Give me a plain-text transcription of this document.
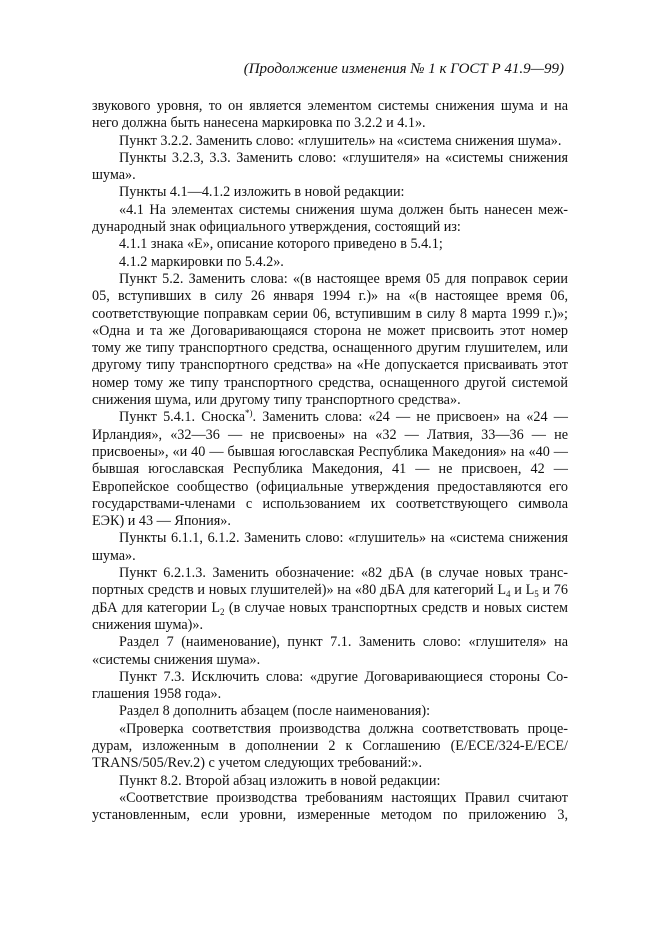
(Продолжение изменения № 1 к ГОСТ Р 41.9—99)

звукового уровня, то он является элементом системы снижения шума и на него должна быть нанесена маркировка по 3.2.2 и 4.1».

Пункт 3.2.2. Заменить слово: «глушитель» на «система снижения шума».

Пункты 3.2.3, 3.3. Заменить слово: «глушителя» на «системы снижения шума».

Пункты 4.1—4.1.2 изложить в новой редакции:

«4.1 На элементах системы снижения шума должен быть нанесен международный знак официального утверждения, состоящий из:

4.1.1 знака «Е», описание которого приведено в 5.4.1;

4.1.2 маркировки по 5.4.2».

Пункт 5.2. Заменить слова: «(в настоящее время 05 для поправок серии 05, вступивших в силу 26 января 1994 г.)» на «(в настоящее время 06, соответствующие поправкам серии 06, вступившим в силу 8 марта 1999 г.)»; «Одна и та же Договаривающаяся сторона не может присвоить этот номер тому же типу транспортного средства, оснащенного другим глушителем, или другому типу транспортного средства» на «Не допускается присваивать этот номер тому же типу транспортного средства, оснащенного другой системой снижения шума, или другому типу транспортного средства».

Пункт 5.4.1. Сноска*). Заменить слова: «24 — не присвоен» на «24 — Ирландия», «32—36 — не присвоены» на «32 — Латвия, 33—36 — не присвоены», «и 40 — бывшая югославская Республика Македония» на «40 — бывшая югославская Республика Македония, 41 — не присвоен, 42 — Европейское сообщество (официальные утверждения предоставляются его государствами-членами с использованием их соответствующего символа ЕЭК) и 43 — Япония».

Пункты 6.1.1, 6.1.2. Заменить слово: «глушитель» на «система снижения шума».

Пункт 6.2.1.3. Заменить обозначение: «82 дБА (в случае новых транспортных средств и новых глушителей)» на «80 дБА для категорий $L_4$ и $L_5$ и 76 дБА для категории $L_2$ (в случае новых транспортных средств и новых систем снижения шума)».

Раздел 7 (наименование), пункт 7.1. Заменить слово: «глушителя» на «системы снижения шума».

Пункт 7.3. Исключить слова: «другие Договаривающиеся стороны Соглашения 1958 года».

Раздел 8 дополнить абзацем (после наименования):

«Проверка соответствия производства должна соответствовать процедурам, изложенным в дополнении 2 к Соглашению (E/ECE/324-E/ECE/ TRANS/505/Rev.2) с учетом следующих требований:».

Пункт 8.2. Второй абзац изложить в новой редакции:

«Соответствие производства требованиям настоящих Правил считают установленным, если уровни, измеренные методом по приложению 3,
